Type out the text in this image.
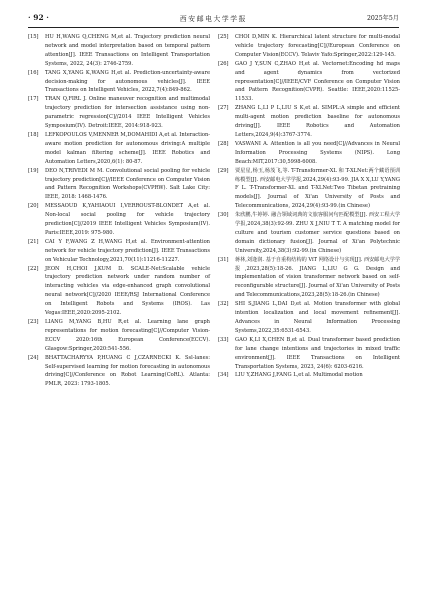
· 92 ·	西安邮电大学学报	2025年5月
[15] HU H,WANG Q,CHENG M,et al. Trajectory prediction neural network and model interpretation based on temporal pattern attention[J]. IEEE Transactions on Intelligent Transportation Systems, 2022, 24(3): 2746-2759.
[16] TANG X,YANG K,WANG H,et al. Prediction-uncertainty-aware decision-making for autonomous vehicles[J]. IEEE Transactions on Intelligent Vehicles, 2022,7(4):849-862.
[17] TRAN Q,FIRL J. Online maneuver recognition and multimodal trajectory prediction for intersection assistance using non-parametric regression[C]//2014 IEEE Intelligent Vehicles Symposium(IV). Detroit:IEEE, 2014:918-923.
[18] LEFKOPOULOS V,MENNER M,DOMAHIDI A,et al. Interaction-aware motion prediction for autonomous driving:A multiple model kalman filtering scheme[J]. IEEE Robotics and Automation Letters,2020,6(1): 80-87.
[19] DEO N,TRIVEDI M M. Convolutional social pooling for vehicle trajectory prediction[C]//IEEE Conference on Computer Vision and Pattern Recognition Workshops(CVPRW). Salt Lake City: IEEE, 2018: 1468-1476.
[20] MESSAOUD K,YAHIAOUI I,VERROUST-BLONDET A,et al. Non-local social pooling for vehicle trajectory prediction[C]//2019 IEEE Intelligent Vehicles Symposium(IV). Paris:IEEE,2019: 975-980.
[21] CAI Y F,WANG Z H,WANG H,et al. Environment-attention network for vehicle trajectory prediction[J]. IEEE Transactions on Vehicular Technology,2021,70(11):11216-11227.
[22] JEON H,CHOI J,KUM D. SCALE-Net:Scalable vehicle trajectory prediction network under random number of interacting vehicles via edge-enhanced graph convolutional neural network[C]//2020 IEEE/RSJ International Conference on Intelligent Robots and Systems (IROS). Las Vegas:IEEE,2020:2095-2102.
[23] LIANG M,YANG B,HU R,et al. Learning lane graph representations for motion forecasting[C]//Computer Vision-ECCV 2020:16th European Conference(ECCV). Glasgow:Springer,2020:541-556.
[24] BHATTACHARYYA P,HUANG C J,CZARNECKI K. Ssl-lanes: Self-supervised learning for motion forecasting in autonomous driving[C]//Conference on Robot Learning(CoRL). Atlanta: PMLR, 2023: 1793-1805.
[25] CHOI D,MIN K. Hierarchical latent structure for multi-modal vehicle trajectory forecasting[C]//European Conference on Computer Vision(ECCV). Telaviv Yafo:Springer,2022:129-145.
[26] GAO J Y,SUN C,ZHAO H,et al. Vectornet:Encoding hd maps and agent dynamics from vectorized representation[C]//IEEE/CVF Conference on Computer Vision and Pattern Recognition(CVPR). Seattle: IEEE,2020:11525-11533.
[27] ZHANG L,LI P L,LIU S K,et al. SIMPL:A simple and efficient multi-agent motion prediction baseline for autonomous driving[J]. IEEE Robotics and Automation Letters,2024,9(4):3767-3774.
[28] VASWANI A. Attention is all you need[C]//Advances in Neural Information Processing Systems (NIPS). Long Beach:MIT,2017:30,5998-6008.
[29] 贾星星,杨玉,杨茂飞,等. T-Transformer-XL 和 T-XLNet:两个藏语预训练模型[J]. 西安邮电大学学报,2024,29(4):93-99. JIA X X,LU Y,YANG F L. T-Transformer-XL and T-XLNet:Two Tibetan pretraining models[J]. Journal of Xi'an University of Posts and Telecommunications, 2024,29(4):93-99.(in Chinese)
[30] 朱欣鹏,牛婷婷. 融合领域词典的文旅客服问句匹配模型[J]. 西安工程大学学报,2024,38(3):92-99. ZHU X J,NIU T T. A matching model for culture and tourism customer service questions based on domain dictionary fusion[J]. Journal of Xi'an Polytechnic University,2024,38(3):92-99.(in Chinese)
[31] 蒋林,刘逢润. 基于自重构结构的 ViT 网络设计与实现[J]. 西安邮电大学学报,2023,28(5):18-26. JIANG L,LIU G G. Design and implementation of vision transformer network based on self-reconfigurable structure[J]. Journal of Xi'an University of Posts and Telecommunications,2023,28(5):18-26.(in Chinese)
[32] SHI S,JIANG L,DAI D,et al. Motion transformer with global intention localization and local movement refinement[J]. Advances in Neural Information Processing Systems,2022,35:6531-6543.
[33] GAO K,LI X,CHEN B,et al. Dual transformer based prediction for lane change intentions and trajectories in mixed traffic environment[J]. IEEE Transactions on Intelligent Transportation Systems, 2023, 24(6): 6203-6216.
[34] LIU Y,ZHANG J,FANG L,et al. Multimodal motion
